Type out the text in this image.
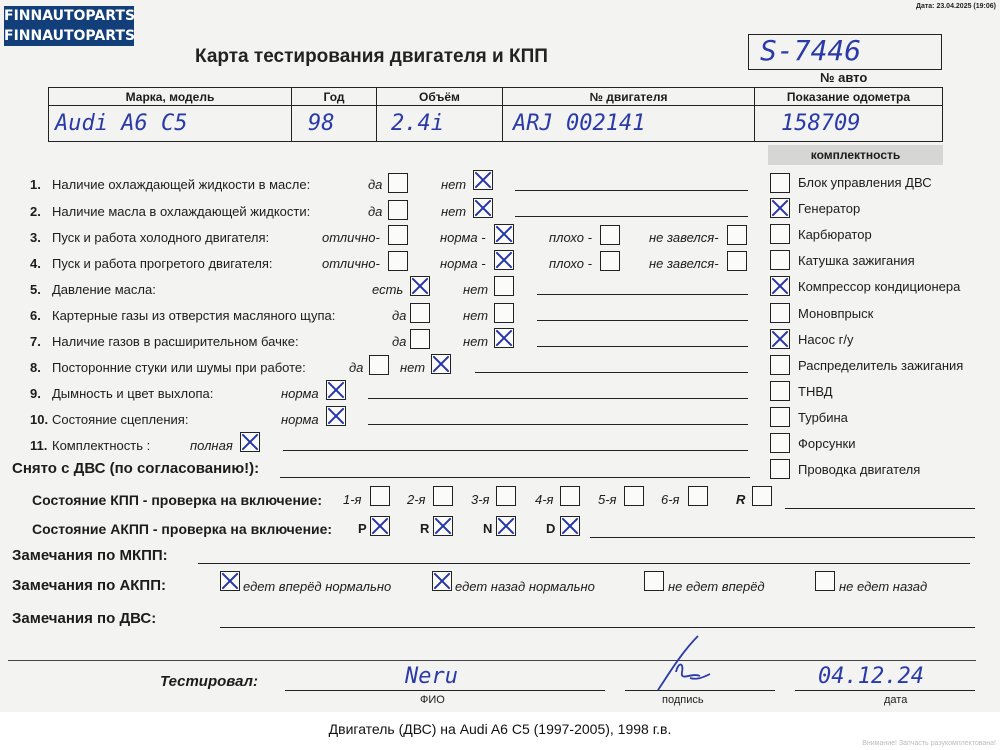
FINNAUTOPARTS
FINNAUTOPARTS
Дата: 23.04.2025 (19:06)
Карта тестирования двигателя и КПП	S-7446
№ авто
Марка, модель	Год	Объём	№ двигателя	Показание одометра
Audi A6 C5	98	2.4i	ARJ 002141	158709
комплектность
Блок управления ДВС
Генератор
Карбюратор
Катушка зажигания
Компрессор кондиционера
Моновпрыск
Насос г/у
Распределитель зажигания
ТНВД
Турбина
Форсунки
Проводка двигателя
1. Наличие охлаждающей жидкости в масле:	да	нет
2. Наличие масла в охлаждающей жидкости:	да	нет
3. Пуск и работа холодного двигателя:	отлично-	норма -	плохо -	не завелся-
4. Пуск и работа прогретого двигателя:	отлично-	норма -	плохо -	не завелся-
5. Давление масла:	есть	нет
6. Картерные газы из отверстия масляного щупа:	да	нет
7. Наличие газов в расширительном бачке:	да	нет
8. Посторонние стуки или шумы при работе:	да	нет
9. Дымность и цвет выхлопа:	норма
10. Состояние сцепления:	норма
11. Комплектность :	полная
Снято с ДВС (по согласованию!):
Состояние КПП - проверка на включение: 1-я	2-я	3-я	4-я	5-я	6-я	R
Состояние АКПП - проверка на включение: P	R	N	D
Замечания по МКПП:
Замечания по АКПП:	едет вперёд нормально	едет назад нормально	не едет вперёд	не едет назад
Замечания по ДВС:
Тестировал:	Neru
ФИО	подпись
04.12.24
дата
Двигатель (ДВС) на Audi A6 C5 (1997-2005), 1998 г.в.
Внимание! Запчасть разукомплектована!
